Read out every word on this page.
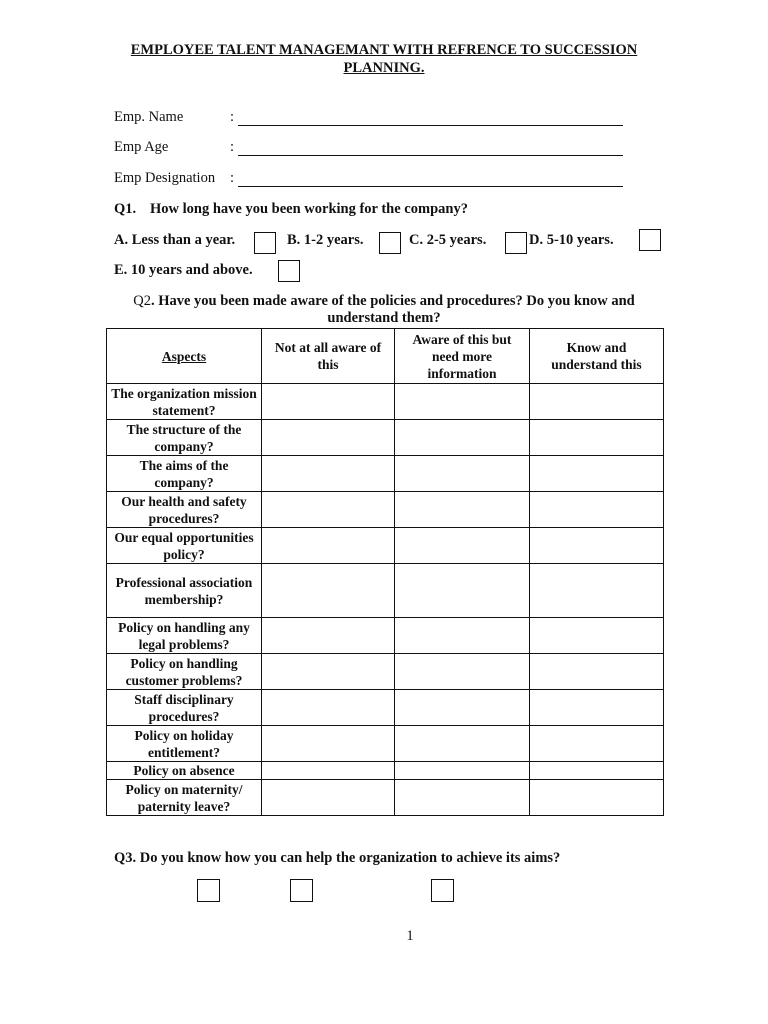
EMPLOYEE TALENT MANAGEMANT WITH REFRENCE TO SUCCESSION
PLANNING.
Emp. Name	:
Emp Age	:
Emp Designation :
Q1. How long have you been working for the company?
A. Less than a year.	B. 1-2 years.	C. 2-5 years.	D. 5-10 years.
E. 10 years and above.
Q2. Have you been made aware of the policies and procedures? Do you know and
understand them?
Aspects	Not at all aware of this	Aware of this but need more information	Know and understand this
The organization mission statement?			
The structure of the company?			
The aims of the company?			
Our health and safety procedures?			
Our equal opportunities policy?			
Professional association membership?			
Policy on handling any legal problems?			
Policy on handling customer problems?			
Staff disciplinary procedures?			
Policy on holiday entitlement?			
Policy on absence			
Policy on maternity/ paternity leave?			
Q3. Do you know how you can help the organization to achieve its aims?
1
